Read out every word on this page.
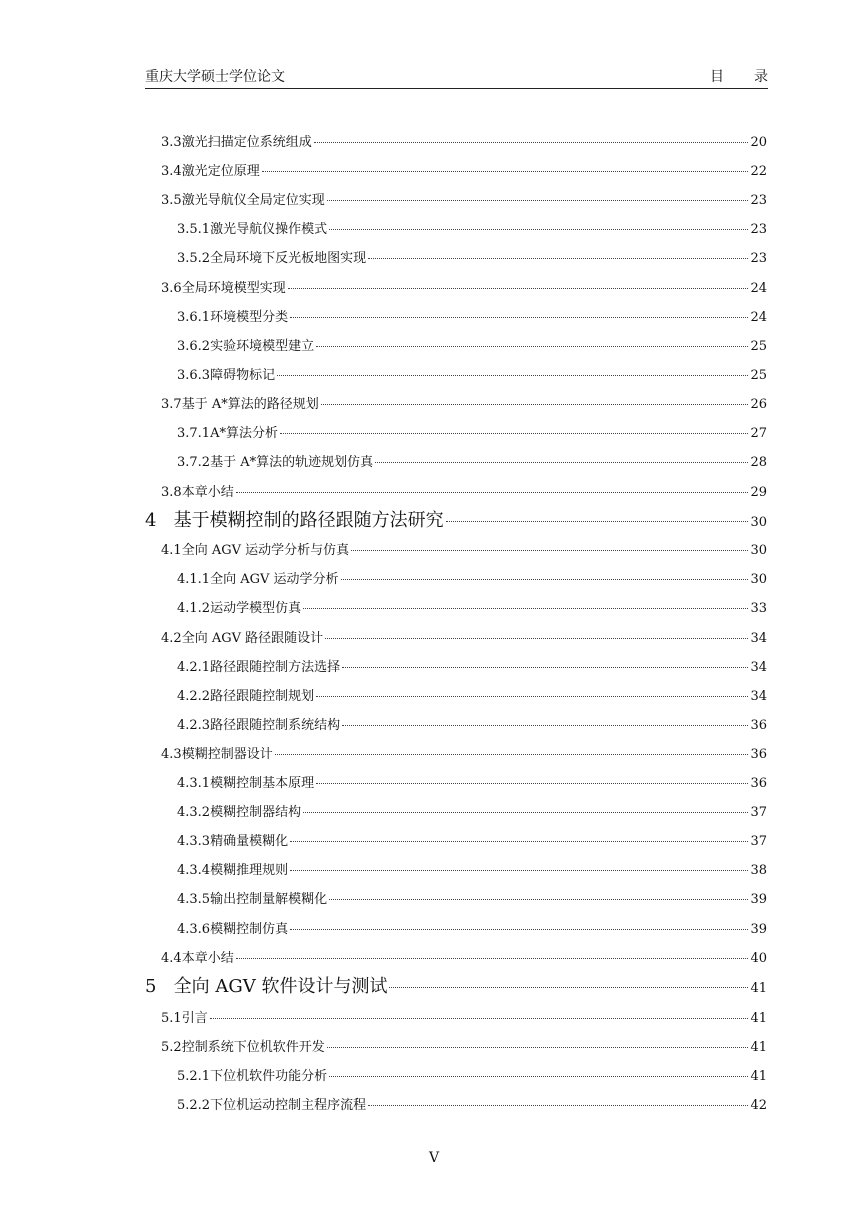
重庆大学硕士学位论文	目 录
3.3 激光扫描定位系统组成	20
3.4 激光定位原理	22
3.5 激光导航仪全局定位实现	23
3.5.1 激光导航仪操作模式	23
3.5.2 全局环境下反光板地图实现	23
3.6 全局环境模型实现	24
3.6.1 环境模型分类	24
3.6.2 实验环境模型建立	25
3.6.3 障碍物标记	25
3.7 基于 A*算法的路径规划	26
3.7.1 A*算法分析	27
3.7.2 基于 A*算法的轨迹规划仿真	28
3.8 本章小结	29
4 基于模糊控制的路径跟随方法研究	30
4.1 全向 AGV 运动学分析与仿真	30
4.1.1 全向 AGV 运动学分析	30
4.1.2 运动学模型仿真	33
4.2 全向 AGV 路径跟随设计	34
4.2.1 路径跟随控制方法选择	34
4.2.2 路径跟随控制规划	34
4.2.3 路径跟随控制系统结构	36
4.3 模糊控制器设计	36
4.3.1 模糊控制基本原理	36
4.3.2 模糊控制器结构	37
4.3.3 精确量模糊化	37
4.3.4 模糊推理规则	38
4.3.5 输出控制量解模糊化	39
4.3.6 模糊控制仿真	39
4.4 本章小结	40
5 全向 AGV 软件设计与测试	41
5.1 引言	41
5.2 控制系统下位机软件开发	41
5.2.1 下位机软件功能分析	41
5.2.2 下位机运动控制主程序流程	42
V
